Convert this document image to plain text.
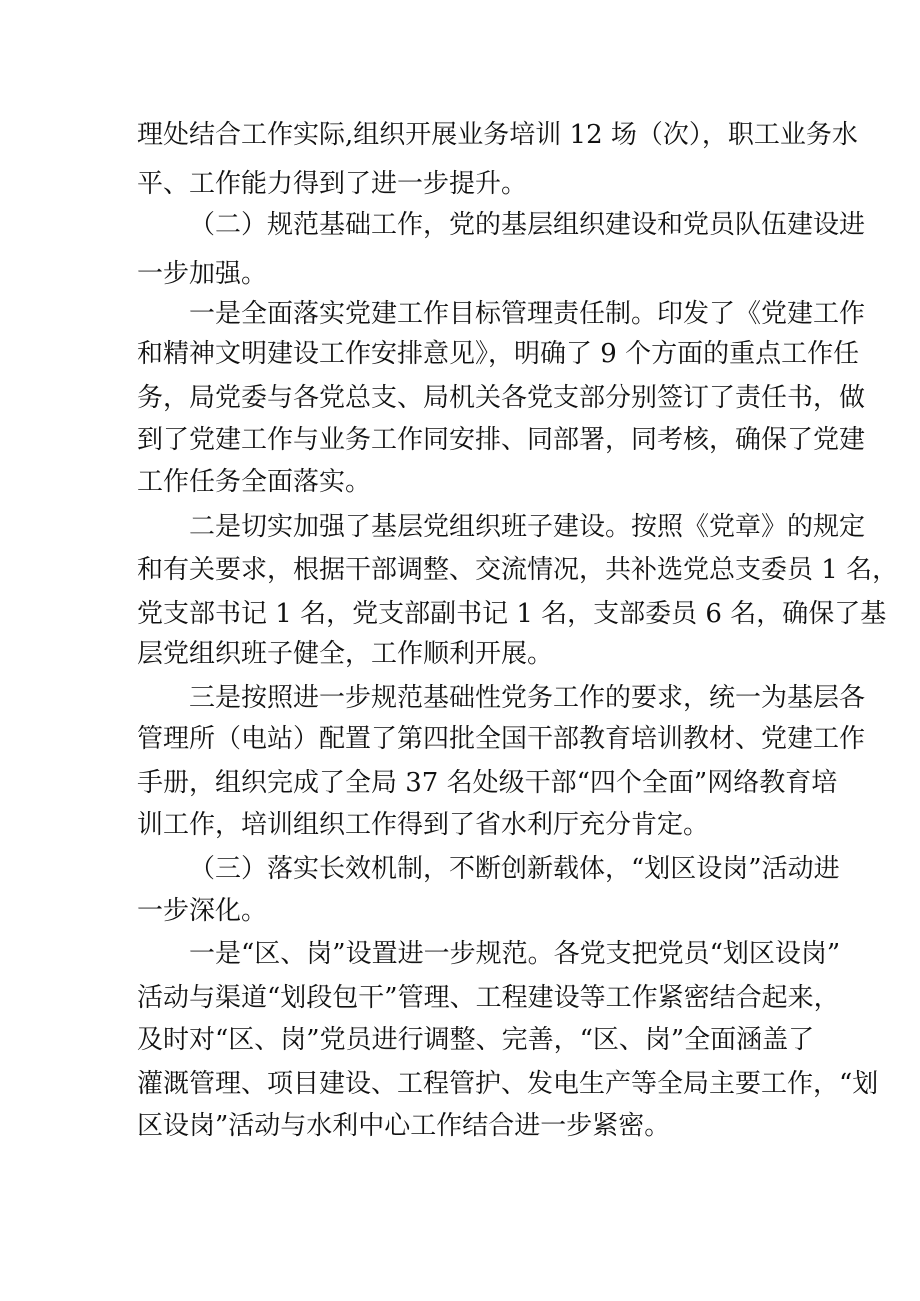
理处结合工作实际,组织开展业务培训 12 场（次），职工业务水
平、工作能力得到了进一步提升。
（二）规范基础工作，党的基层组织建设和党员队伍建设进
一步加强。
一是全面落实党建工作目标管理责任制。印发了《党建工作
和精神文明建设工作安排意见》，明确了 9 个方面的重点工作任
务，局党委与各党总支、局机关各党支部分别签订了责任书，做
到了党建工作与业务工作同安排、同部署，同考核，确保了党建
工作任务全面落实。
二是切实加强了基层党组织班子建设。按照《党章》的规定
和有关要求，根据干部调整、交流情况，共补选党总支委员 1 名，
党支部书记 1 名，党支部副书记 1 名，支部委员 6 名，确保了基
层党组织班子健全，工作顺利开展。
三是按照进一步规范基础性党务工作的要求，统一为基层各
管理所（电站）配置了第四批全国干部教育培训教材、党建工作
手册，组织完成了全局 37 名处级干部“四个全面”网络教育培
训工作，培训组织工作得到了省水利厅充分肯定。
（三）落实长效机制，不断创新载体，“划区设岗”活动进
一步深化。
一是“区、岗”设置进一步规范。各党支把党员“划区设岗”
活动与渠道“划段包干”管理、工程建设等工作紧密结合起来，
及时对“区、岗”党员进行调整、完善，“区、岗”全面涵盖了
灌溉管理、项目建设、工程管护、发电生产等全局主要工作，“划
区设岗”活动与水利中心工作结合进一步紧密。
